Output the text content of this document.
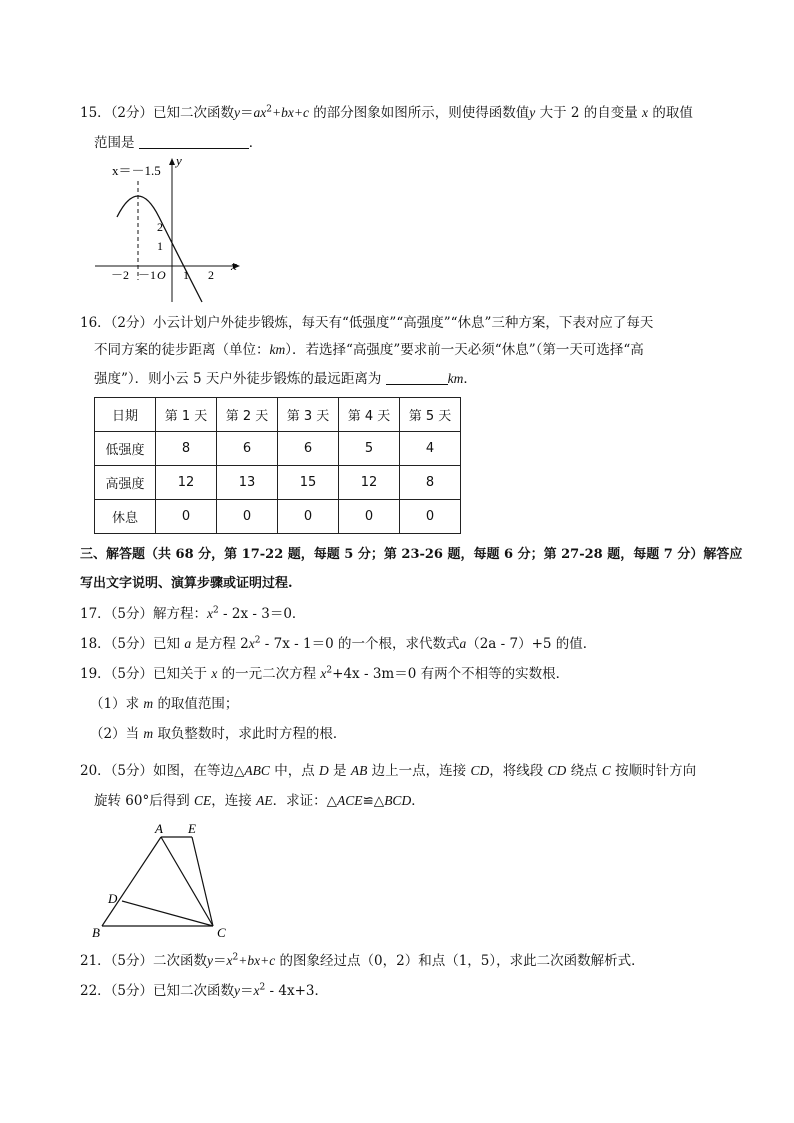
15．（2分）已知二次函数$y=ax^2+bx+c$ 的部分图象如图所示，则使得函数值y 大于 2 的自变量 x 的取值
范围是	．
x＝－1.5
y
x
O
－2 －1 1 2
1
2
16．（2分）小云计划户外徒步锻炼，每天有“低强度”“高强度”“休息”三种方案，下表对应了每天
不同方案的徒步距离（单位：km）．若选择“高强度”要求前一天必须“休息”（第一天可选择“高
强度”）．则小云 5 天户外徒步锻炼的最远距离为	km．
日期	第 1 天	第 2 天	第 3 天	第 4 天	第 5 天
低强度	8	6	6	5	4
高强度	12	13	15	12	8
休息	0	0	0	0	0
三、解答题（共 68 分，第 17-22 题，每题 5 分；第 23-26 题，每题 6 分；第 27-28 题，每题 7 分）解答应
写出文字说明、演算步骤或证明过程.
17．（5分）解方程：$x^2 - 2x - 3=0$．
18．（5分）已知 a 是方程 $2x^2 - 7x - 1=0$ 的一个根，求代数式a（2a - 7）+5 的值．
19．（5分）已知关于 x 的一元二次方程 $x^2+4x - 3m=0$ 有两个不相等的实数根．
（1）求 m 的取值范围；
（2）当 m 取负整数时，求此时方程的根．
20．（5分）如图，在等边△ABC 中，点 D 是 AB 边上一点，连接 CD，将线段 CD 绕点 C 按顺时针方向
旋转 60°后得到 CE，连接 AE．求证：△ACE≌△BCD．
A E
D
B	C
21．（5分）二次函数$y=x^2+bx+c$ 的图象经过点（0，2）和点（1，5），求此二次函数解析式．
22．（5分）已知二次函数$y=x^2 - 4x+3$．
